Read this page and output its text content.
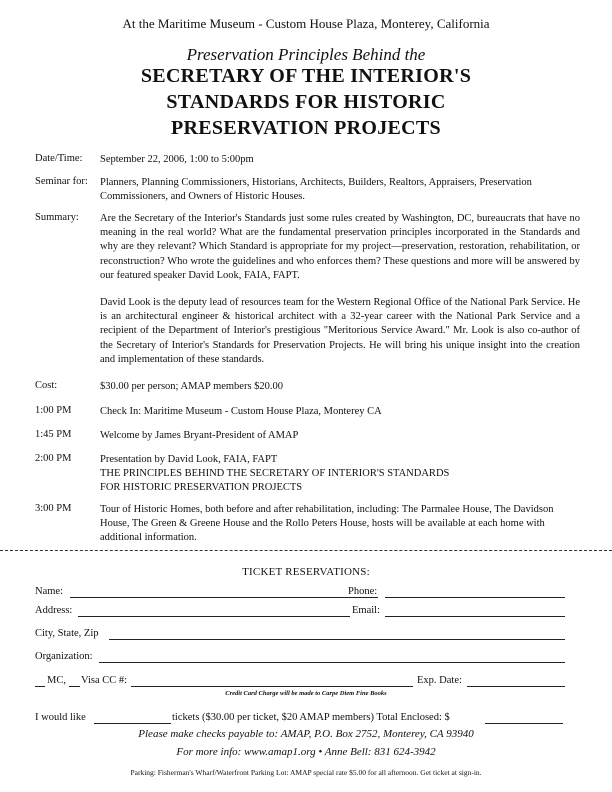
At the Maritime Museum - Custom House Plaza, Monterey, California
Preservation Principles Behind the
SECRETARY OF THE INTERIOR'S
STANDARDS FOR HISTORIC
PRESERVATION PROJECTS
Date/Time: September 22, 2006, 1:00 to 5:00pm
Seminar for: Planners, Planning Commissioners, Historians, Architects, Builders, Realtors, Appraisers, Preservation Commissioners, and Owners of Historic Houses.
Summary: Are the Secretary of the Interior's Standards just some rules created by Washington, DC, bureaucrats that have no meaning in the real world? What are the fundamental preservation principles incorporated in the Standards and why are they relevant? Which Standard is appropriate for my project—preservation, restoration, rehabilitation, or reconstruction? Who wrote the guidelines and who enforces them? These questions and more will be answered by our featured speaker David Look, FAIA, FAPT.

David Look is the deputy lead of resources team for the Western Regional Office of the National Park Service. He is an architectural engineer & historical architect with a 32-year career with the National Park Service and a recipient of the Department of Interior's prestigious "Meritorious Service Award." Mr. Look is also co-author of the Secretary of Interior's Standards for Preservation Projects. He will bring his unique insight into the creation and implementation of these standards.

Cost:	$30.00 per person; AMAP members $20.00
1:00 PM	Check In: Maritime Museum - Custom House Plaza, Monterey CA
1:45 PM	Welcome by James Bryant-President of AMAP
2:00 PM	Presentation by David Look, FAIA, FAPT
THE PRINCIPLES BEHIND THE SECRETARY OF INTERIOR'S STANDARDS
FOR HISTORIC PRESERVATION PROJECTS
3:00 PM	Tour of Historic Homes, both before and after rehabilitation, including: The Parmalee House, The Davidson House, The Green & Greene House and the Rollo Peters House, hosts will be available at each home with additional information.
TICKET RESERVATIONS:
Name:	Phone:
Address:	Email:
City, State, Zip
Organization:
MC, Visa CC #:	Exp. Date:
Credit Card Charge will be made to Carpe Diem Fine Books
I would like	tickets ($30.00 per ticket, $20 AMAP members) Total Enclosed: $
Please make checks payable to: AMAP, P.O. Box 2752, Monterey, CA 93940
For more info: www.amap1.org • Anne Bell: 831 624-3942
Parking: Fisherman's Wharf/Waterfront Parking Lot: AMAP special rate $5.00 for all afternoon. Get ticket at sign-in.
